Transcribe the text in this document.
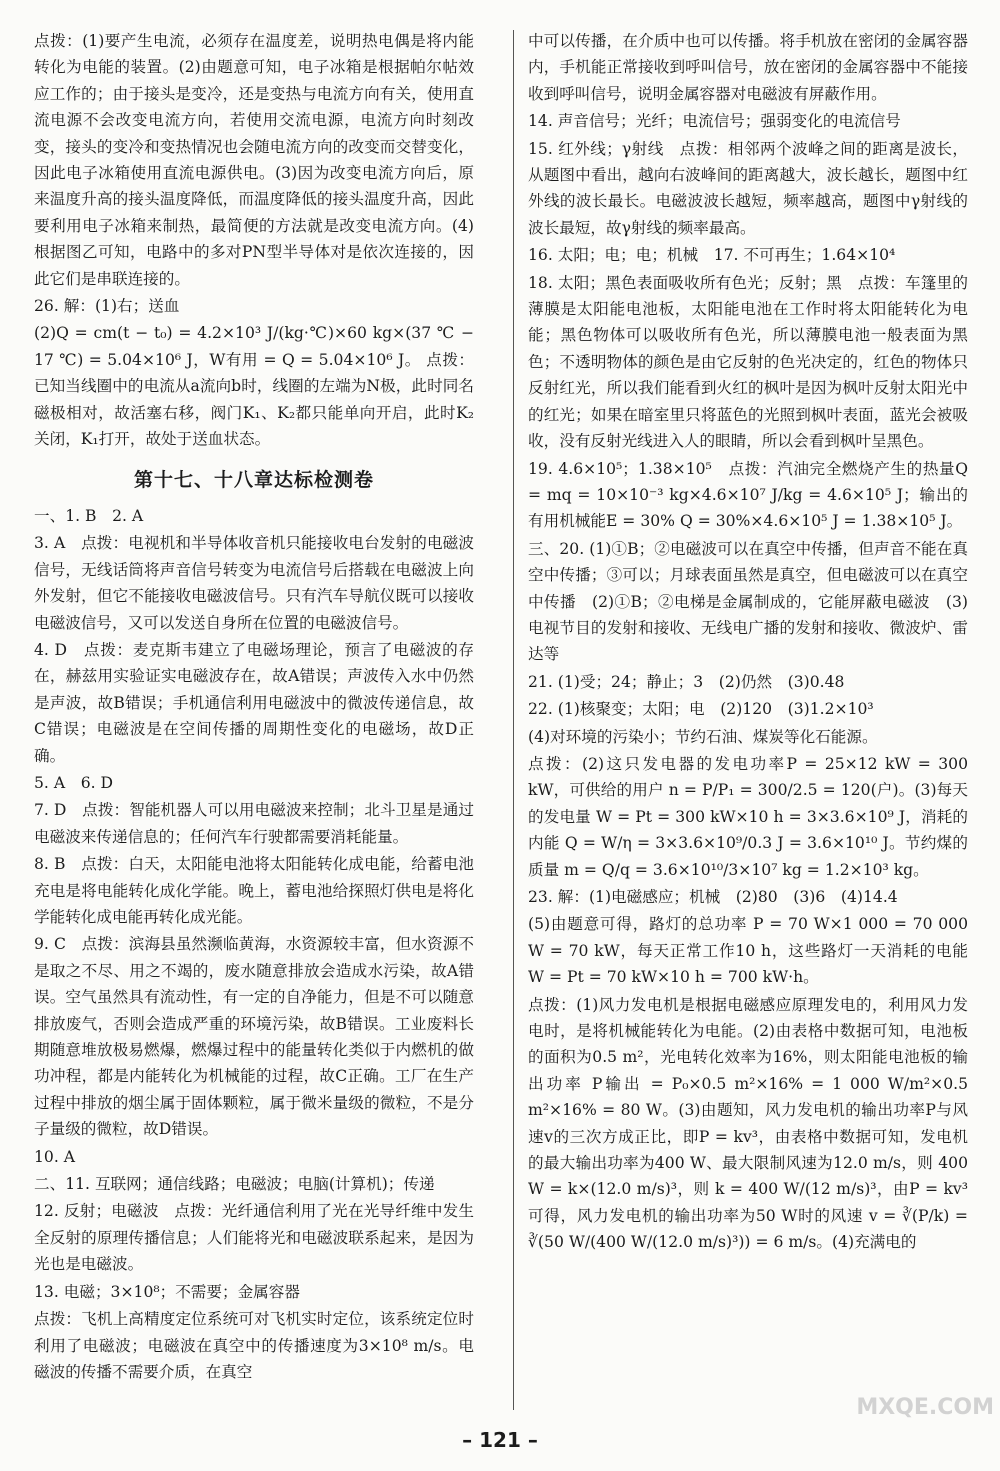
点拨：(1)要产生电流，必须存在温度差，说明热电偶是将内能转化为电能的装置。(2)由题意可知，电子冰箱是根据帕尔帖效应工作的；由于接头是变冷，还是变热与电流方向有关，使用直流电源不会改变电流方向，若使用交流电源，电流方向时刻改变，接头的变冷和变热情况也会随电流方向的改变而交替变化，因此电子冰箱使用直流电源供电。(3)因为改变电流方向后，原来温度升高的接头温度降低，而温度降低的接头温度升高，因此要利用电子冰箱来制热，最简便的方法就是改变电流方向。(4)根据图乙可知，电路中的多对PN型半导体对是依次连接的，因此它们是串联连接的。

26. 解：(1)右；送血

(2)Q = cm(t − t₀) = 4.2×10³ J/(kg·℃)×60 kg×(37 ℃ − 17 ℃) = 5.04×10⁶ J，W有用 = Q = 5.04×10⁶ J。 点拨：已知当线圈中的电流从a流向b时，线圈的左端为N极，此时同名磁极相对，故活塞右移，阀门K₁、K₂都只能单向开启，此时K₂关闭，K₁打开，故处于送血状态。

第十七、十八章达标检测卷

一、1. B　2. A

3. A　点拨：电视机和半导体收音机只能接收电台发射的电磁波信号，无线话筒将声音信号转变为电流信号后搭载在电磁波上向外发射，但它不能接收电磁波信号。只有汽车导航仪既可以接收电磁波信号，又可以发送自身所在位置的电磁波信号。

4. D　点拨：麦克斯韦建立了电磁场理论，预言了电磁波的存在，赫兹用实验证实电磁波存在，故A错误；声波传入水中仍然是声波，故B错误；手机通信利用电磁波中的微波传递信息，故C错误；电磁波是在空间传播的周期性变化的电磁场，故D正确。

5. A　6. D

7. D　点拨：智能机器人可以用电磁波来控制；北斗卫星是通过电磁波来传递信息的；任何汽车行驶都需要消耗能量。

8. B　点拨：白天，太阳能电池将太阳能转化成电能，给蓄电池充电是将电能转化成化学能。晚上，蓄电池给探照灯供电是将化学能转化成电能再转化成光能。

9. C　点拨：滨海县虽然濒临黄海，水资源较丰富，但水资源不是取之不尽、用之不竭的，废水随意排放会造成水污染，故A错误。空气虽然具有流动性，有一定的自净能力，但是不可以随意排放废气，否则会造成严重的环境污染，故B错误。工业废料长期随意堆放极易燃爆，燃爆过程中的能量转化类似于内燃机的做功冲程，都是内能转化为机械能的过程，故C正确。工厂在生产过程中排放的烟尘属于固体颗粒，属于微米量级的微粒，不是分子量级的微粒，故D错误。

10. A

二、11. 互联网；通信线路；电磁波；电脑(计算机)；传递

12. 反射；电磁波　点拨：光纤通信利用了光在光导纤维中发生全反射的原理传播信息；人们能将光和电磁波联系起来，是因为光也是电磁波。

13. 电磁；3×10⁸；不需要；金属容器

点拨：飞机上高精度定位系统可对飞机实时定位，该系统定位时利用了电磁波；电磁波在真空中的传播速度为3×10⁸ m/s。电磁波的传播不需要介质，在真空

中可以传播，在介质中也可以传播。将手机放在密闭的金属容器内，手机能正常接收到呼叫信号，放在密闭的金属容器中不能接收到呼叫信号，说明金属容器对电磁波有屏蔽作用。

14. 声音信号；光纤；电流信号；强弱变化的电流信号

15. 红外线；γ射线　点拨：相邻两个波峰之间的距离是波长，从题图中看出，越向右波峰间的距离越大，波长越长，题图中红外线的波长最长。电磁波波长越短，频率越高，题图中γ射线的波长最短，故γ射线的频率最高。

16. 太阳；电；电；机械　17. 不可再生；1.64×10⁴

18. 太阳；黑色表面吸收所有色光；反射；黑　点拨：车篷里的薄膜是太阳能电池板，太阳能电池在工作时将太阳能转化为电能；黑色物体可以吸收所有色光，所以薄膜电池一般表面为黑色；不透明物体的颜色是由它反射的色光决定的，红色的物体只反射红光，所以我们能看到火红的枫叶是因为枫叶反射太阳光中的红光；如果在暗室里只将蓝色的光照到枫叶表面，蓝光会被吸收，没有反射光线进入人的眼睛，所以会看到枫叶呈黑色。

19. 4.6×10⁵；1.38×10⁵　点拨：汽油完全燃烧产生的热量Q = mq = 10×10⁻³ kg×4.6×10⁷ J/kg = 4.6×10⁵ J；输出的有用机械能E = 30% Q = 30%×4.6×10⁵ J = 1.38×10⁵ J。

三、20. (1)①B；②电磁波可以在真空中传播，但声音不能在真空中传播；③可以；月球表面虽然是真空，但电磁波可以在真空中传播　(2)①B；②电梯是金属制成的，它能屏蔽电磁波　(3)电视节目的发射和接收、无线电广播的发射和接收、微波炉、雷达等

21. (1)受；24；静止；3　(2)仍然　(3)0.48

22. (1)核聚变；太阳；电　(2)120　(3)1.2×10³

(4)对环境的污染小；节约石油、煤炭等化石能源。

点拨：(2)这只发电器的发电功率P = 25×12 kW = 300 kW，可供给的用户 n = P/P₁ = 300/2.5 = 120(户)。(3)每天的发电量 W = Pt = 300 kW×10 h = 3×3.6×10⁹ J，消耗的内能 Q = W/η = 3×3.6×10⁹/0.3 J = 3.6×10¹⁰ J。节约煤的质量 m = Q/q = 3.6×10¹⁰/3×10⁷ kg = 1.2×10³ kg。

23. 解：(1)电磁感应；机械　(2)80　(3)6　(4)14.4

(5)由题意可得，路灯的总功率 P = 70 W×1 000 = 70 000 W = 70 kW，每天正常工作10 h，这些路灯一天消耗的电能 W = Pt = 70 kW×10 h = 700 kW·h。

点拨：(1)风力发电机是根据电磁感应原理发电的，利用风力发电时，是将机械能转化为电能。(2)由表格中数据可知，电池板的面积为0.5 m²，光电转化效率为16%，则太阳能电池板的输出功率 P输出 = P₀×0.5 m²×16% = 1 000 W/m²×0.5 m²×16% = 80 W。(3)由题知，风力发电机的输出功率P与风速v的三次方成正比，即P = kv³，由表格中数据可知，发电机的最大输出功率为400 W、最大限制风速为12.0 m/s，则 400 W = k×(12.0 m/s)³，则 k = 400 W/(12 m/s)³，由P = kv³可得，风力发电机的输出功率为50 W时的风速 v = ∛(P/k) = ∛(50 W/(400 W/(12.0 m/s)³)) = 6 m/s。(4)充满电的

– 121 –
MXQE.COM
